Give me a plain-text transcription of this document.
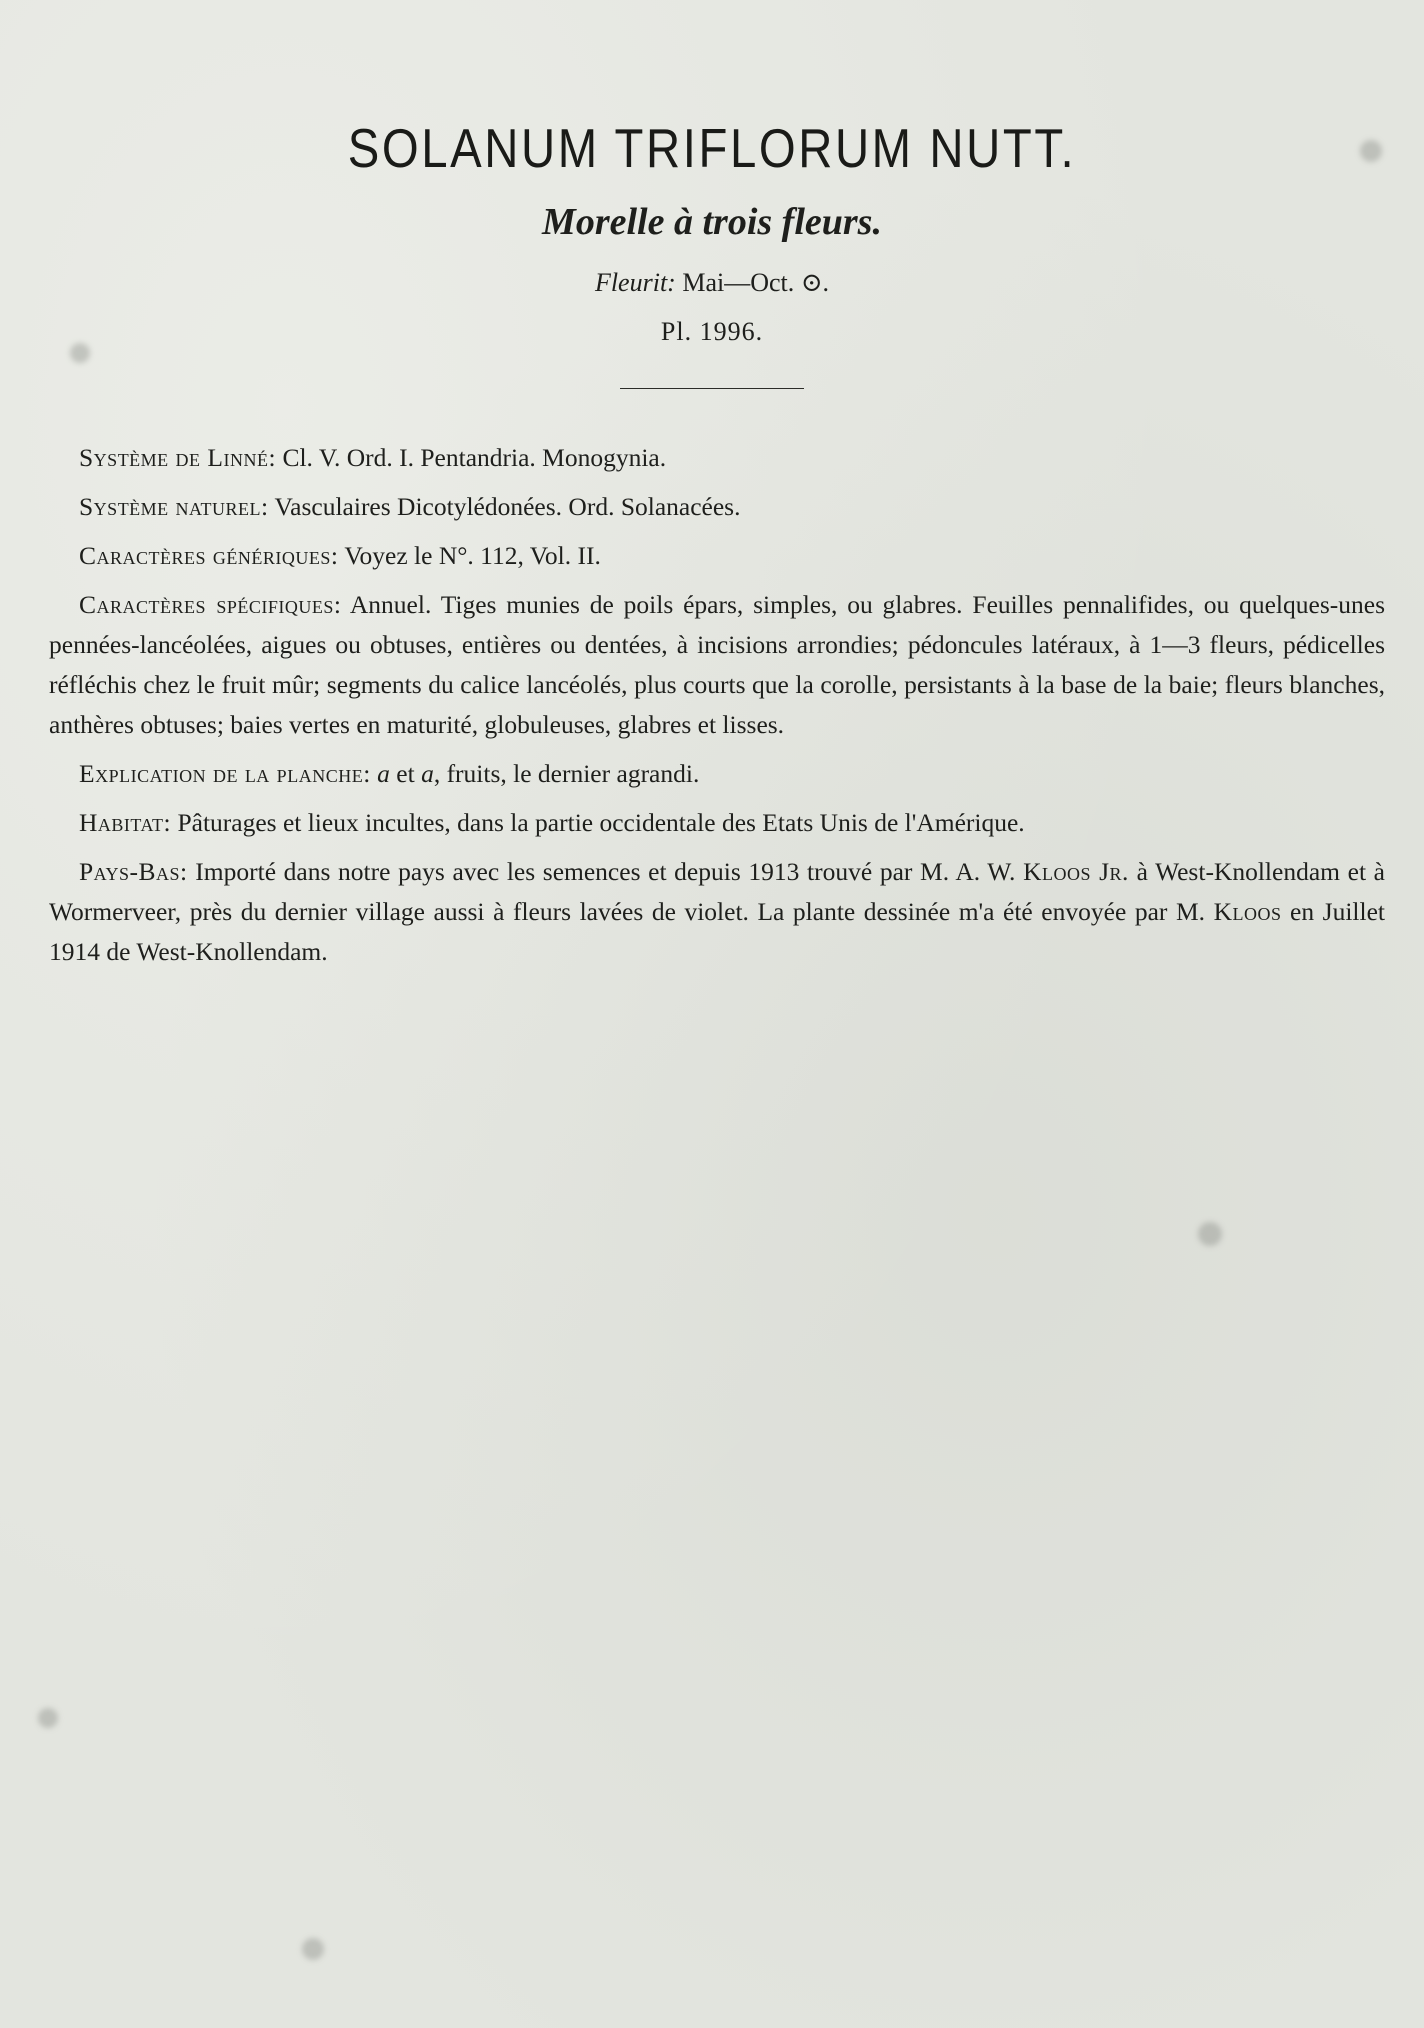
SOLANUM TRIFLORUM NUTT.
Morelle à trois fleurs.
Fleurit: Mai—Oct. ⊙.
Pl. 1996.

Système de Linné: Cl. V. Ord. I. Pentandria. Monogynia.

Système naturel: Vasculaires Dicotylédonées. Ord. Solanacées.

Caractères génériques: Voyez le N°. 112, Vol. II.

Caractères spécifiques: Annuel. Tiges munies de poils épars, simples, ou glabres. Feuilles pennalifides, ou quelques-unes pennées-lancéolées, aigues ou obtuses, entières ou dentées, à incisions arrondies; pédoncules latéraux, à 1—3 fleurs, pédicelles réfléchis chez le fruit mûr; segments du calice lancéolés, plus courts que la corolle, persistants à la base de la baie; fleurs blanches, anthères obtuses; baies vertes en maturité, globuleuses, glabres et lisses.

Explication de la planche: a et a, fruits, le dernier agrandi.

Habitat: Pâturages et lieux incultes, dans la partie occidentale des Etats Unis de l'Amérique.

Pays-Bas: Importé dans notre pays avec les semences et depuis 1913 trouvé par M. A. W. Kloos Jr. à West-Knollendam et à Wormerveer, près du dernier village aussi à fleurs lavées de violet. La plante dessinée m'a été envoyée par M. Kloos en Juillet 1914 de West-Knollendam.
